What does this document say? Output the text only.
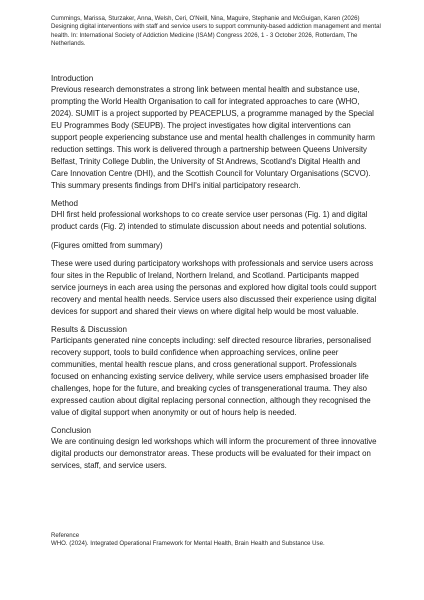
Cummings, Marissa, Sturzaker, Anna, Welsh, Ceri, O'Neill, Nina, Maguire, Stephanie and McGuigan, Karen (2026) Designing digital interventions with staff and service users to support community-based addiction management and mental health. In: International Society of Addiction Medicine (ISAM) Congress 2026, 1 - 3 October 2026, Rotterdam, The Netherlands.

Introduction

Previous research demonstrates a strong link between mental health and substance use, prompting the World Health Organisation to call for integrated approaches to care (WHO, 2024). SUMIT is a project supported by PEACEPLUS, a programme managed by the Special EU Programmes Body (SEUPB). The project investigates how digital interventions can support people experiencing substance use and mental health challenges in community harm reduction settings. This work is delivered through a partnership between Queens University Belfast, Trinity College Dublin, the University of St Andrews, Scotland's Digital Health and Care Innovation Centre (DHI), and the Scottish Council for Voluntary Organisations (SCVO). This summary presents findings from DHI's initial participatory research.

Method

DHI first held professional workshops to co create service user personas (Fig. 1) and digital product cards (Fig. 2) intended to stimulate discussion about needs and potential solutions.

(Figures omitted from summary)

These were used during participatory workshops with professionals and service users across four sites in the Republic of Ireland, Northern Ireland, and Scotland. Participants mapped service journeys in each area using the personas and explored how digital tools could support recovery and mental health needs. Service users also discussed their experience using digital devices for support and shared their views on where digital help would be most valuable.

Results & Discussion

Participants generated nine concepts including: self directed resource libraries, personalised recovery support, tools to build confidence when approaching services, online peer communities, mental health rescue plans, and cross generational support. Professionals focused on enhancing existing service delivery, while service users emphasised broader life challenges, hope for the future, and breaking cycles of transgenerational trauma. They also expressed caution about digital replacing personal connection, although they recognised the value of digital support when anonymity or out of hours help is needed.

Conclusion

We are continuing design led workshops which will inform the procurement of three innovative digital products our demonstrator areas. These products will be evaluated for their impact on services, staff, and service users.

Reference

WHO. (2024). Integrated Operational Framework for Mental Health, Brain Health and Substance Use.
